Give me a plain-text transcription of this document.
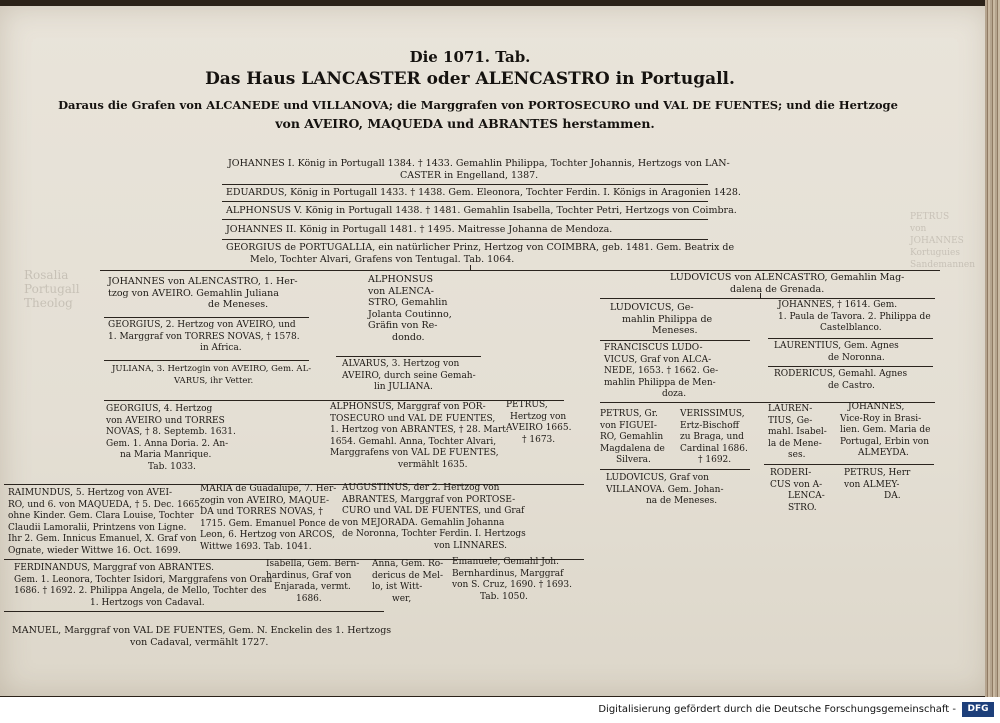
Rosalia
Portugall
Theolog
PETRUS
von
JOHANNES
Kortuguies
Sandemannen
Die 1071. Tab.
Das Haus LANCASTER oder ALENCASTRO in Portugall.
Daraus die Grafen von ALCANEDE und VILLANOVA; die Marggrafen von PORTOSECURO und VAL DE FUENTES; und die Hertzoge
von AVEIRO, MAQUEDA und ABRANTES herstammen.
JOHANNES I. König in Portugall 1384. † 1433. Gemahlin Philippa, Tochter Johannis, Hertzogs von LAN-
CASTER in Engelland, 1387.
EDUARDUS, König in Portugall 1433. † 1438. Gem. Eleonora, Tochter Ferdin. I. Königs in Aragonien 1428.
ALPHONSUS V. König in Portugall 1438. † 1481. Gemahlin Isabella, Tochter Petri, Hertzogs von Coimbra.
JOHANNES II. König in Portugall 1481. † 1495. Maitresse Johanna de Mendoza.
GEORGIUS de PORTUGALLIA, ein natürlicher Prinz, Hertzog von COIMBRA, geb. 1481. Gem. Beatrix de
Melo, Tochter Alvari, Grafens von Tentugal. Tab. 1064.
JOHANNES von ALENCASTRO, 1. Her-
tzog von AVEIRO. Gemahlin Juliana
de Meneses.
ALPHONSUS
von ALENCA-
STRO, Gemahlin
Jolanta Coutinno,
Gräfin von Re-
dondo.
LUDOVICUS von ALENCASTRO, Gemahlin Mag-
dalena de Grenada.
GEORGIUS, 2. Hertzog von AVEIRO, und
1. Marggraf von TORRES NOVAS, † 1578.
in Africa.
LUDOVICUS, Ge-
mahlin Philippa de
Meneses.
JOHANNES, † 1614. Gem.
1. Paula de Tavora. 2. Philippa de
Castelblanco.
JULIANA, 3. Hertzogin von AVEIRO, Gem. AL-
VARUS, ihr Vetter.
ALVARUS, 3. Hertzog von
AVEIRO, durch seine Gemah-
lin JULIANA.
FRANCISCUS LUDO-
VICUS, Graf von ALCA-
NEDE, 1653. † 1662. Ge-
mahlin Philippa de Men-
doza.
LAURENTIUS, Gem. Agnes
de Noronna.
RODERICUS, Gemahl. Agnes
de Castro.
GEORGIUS, 4. Hertzog
von AVEIRO und TORRES
NOVAS, † 8. Septemb. 1631.
Gem. 1. Anna Doria. 2. An-
na Maria Manrique.
Tab. 1033.
ALPHONSUS, Marggraf von POR-
TOSECURO und VAL DE FUENTES,
1. Hertzog von ABRANTES, † 28. Mart.
1654. Gemahl. Anna, Tochter Alvari,
Marggrafens von VAL DE FUENTES,
vermählt 1635.
PETRUS,
Hertzog von
AVEIRO 1665.
† 1673.
PETRUS, Gr.
von FIGUEI-
RO, Gemahlin
Magdalena de
Silvera.
VERISSIMUS,
Ertz-Bischoff
zu Braga, und
Cardinal 1686.
† 1692.
LAUREN-
TIUS, Ge-
mahl. Isabel-
la de Mene-
ses.
JOHANNES,
Vice-Roy in Brasi-
lien. Gem. Maria de
Portugal, Erbin von
ALMEYDA.
LUDOVICUS, Graf von
VILLANOVA. Gem. Johan-
na de Meneses.
RODERI-
CUS von A-
LENCA-
STRO.
PETRUS, Herr
von ALMEY-
DA.
RAIMUNDUS, 5. Hertzog von AVEI-
RO, und 6. von MAQUEDA, † 5. Dec. 1665.
ohne Kinder. Gem. Clara Louise, Tochter
Claudii Lamoralii, Printzens von Ligne.
Ihr 2. Gem. Innicus Emanuel, X. Graf von
Ognate, wieder Wittwe 16. Oct. 1699.
MARIA de Guadalupe, 7. Her-
zogin von AVEIRO, MAQUE-
DA und TORRES NOVAS, †
1715. Gem. Emanuel Ponce de
Leon, 6. Hertzog von ARCOS,
Wittwe 1693. Tab. 1041.
AUGUSTINUS, der 2. Hertzog von
ABRANTES, Marggraf von PORTOSE-
CURO und VAL DE FUENTES, und Graf
von MEJORADA. Gemahlin Johanna
de Noronna, Tochter Ferdin. I. Hertzogs
von LINNARES.
FERDINANDUS, Marggraf von ABRANTES.
Gem. 1. Leonora, Tochter Isidori, Marggrafens von Oran
1686. † 1692. 2. Philippa Angela, de Mello, Tochter des
1. Hertzogs von Cadaval.
Isabella, Gem. Bern-
hardinus, Graf von
Enjarada, vermt.
1686.
Anna, Gem. Ro-
dericus de Mel-
lo, ist Witt-
wer,
Emanuele, Gemahl Joh.
Bernhardinus, Marggraf
von S. Cruz, 1690. † 1693.
Tab. 1050.
MANUEL, Marggraf von VAL DE FUENTES, Gem. N. Enckelin des 1. Hertzogs
von Cadaval, vermählt 1727.
Digitalisierung gefördert durch die Deutsche Forschungsgemeinschaft -	DFG
